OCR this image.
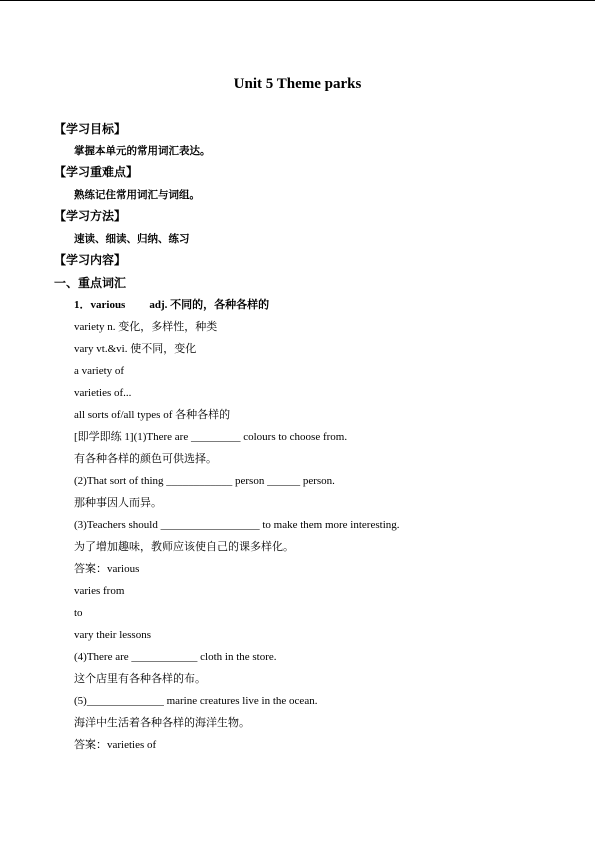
Unit 5 Theme parks
【学习目标】
掌握本单元的常用词汇表达。
【学习重难点】
熟练记住常用词汇与词组。
【学习方法】
速读、细读、归纳、练习
【学习内容】
一、重点词汇
1．various adj. 不同的，各种各样的
variety n. 变化，多样性，种类
vary vt.&vi. 使不同，变化
a variety of
varieties of...
all sorts of/all types of 各种各样的
[即学即练 1](1)There are _________ colours to choose from.
有各种各样的颜色可供选择。
(2)That sort of thing ____________ person ______ person.
那种事因人而异。
(3)Teachers should __________________ to make them more interesting.
为了增加趣味，教师应该使自己的课多样化。
答案：various
varies from
to
vary their lessons
(4)There are ____________ cloth in the store.
这个店里有各种各样的布。
(5)______________ marine creatures live in the ocean.
海洋中生活着各种各样的海洋生物。
答案：varieties of
